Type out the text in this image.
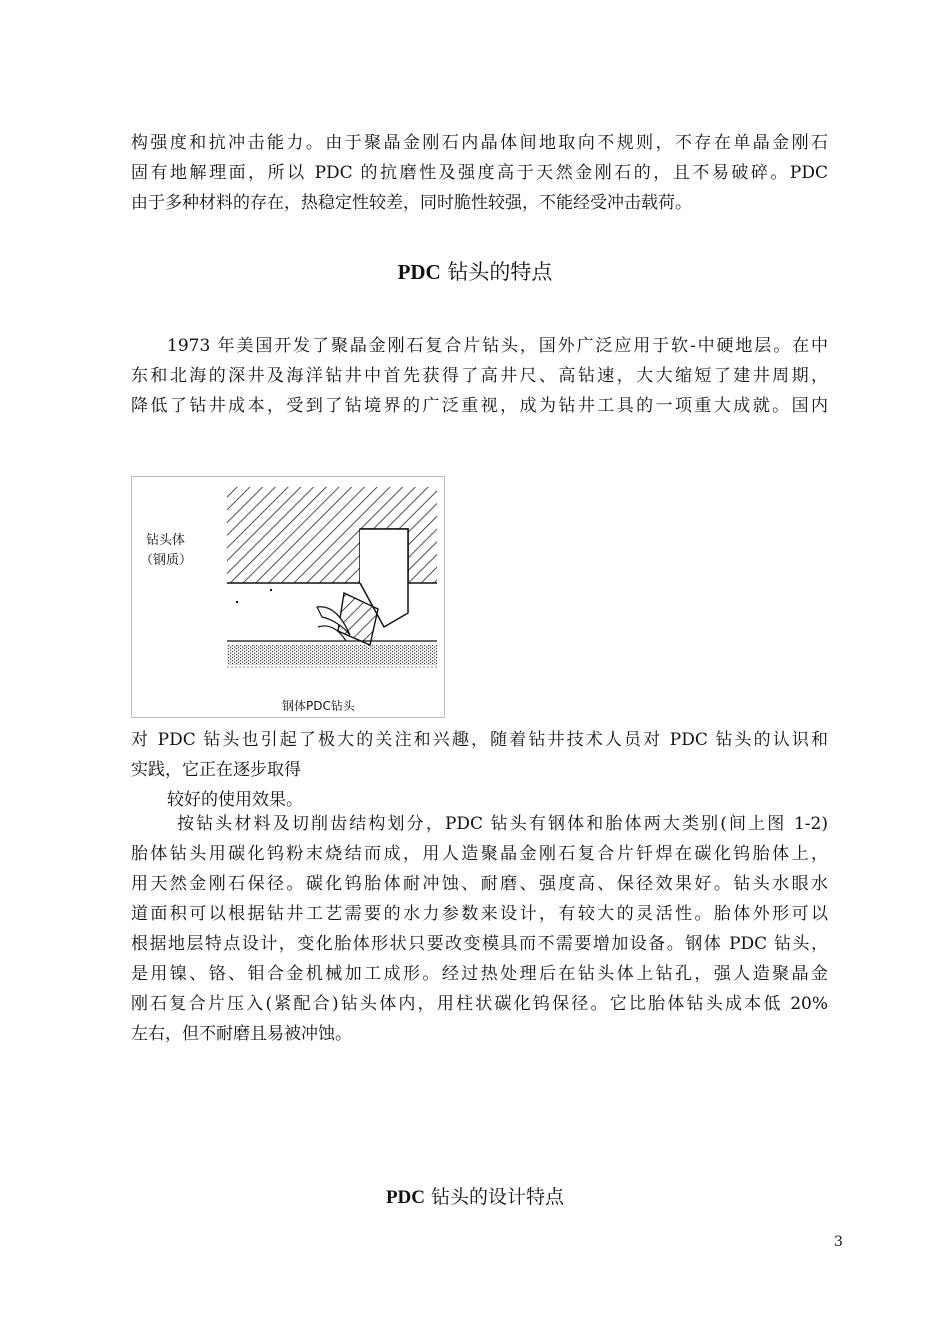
构强度和抗冲击能力。由于聚晶金刚石内晶体间地取向不规则，不存在单晶金刚石
固有地解理面，所以 PDC 的抗磨性及强度高于天然金刚石的，且不易破碎。PDC
由于多种材料的存在，热稳定性较差，同时脆性较强，不能经受冲击载荷。
PDC 钻头的特点
1973 年美国开发了聚晶金刚石复合片钻头，国外广泛应用于软-中硬地层。在中
东和北海的深井及海洋钻井中首先获得了高井尺、高钻速，大大缩短了建井周期，
降低了钻井成本，受到了钻境界的广泛重视，成为钻井工具的一项重大成就。国内

钻头体

（钢质）

钢体PDC钻头

对 PDC 钻头也引起了极大的关注和兴趣，随着钻井技术人员对 PDC 钻头的认识和
实践，它正在逐步取得
较好的使用效果。
按钻头材料及切削齿结构划分，PDC 钻头有钢体和胎体两大类别(间上图 1-2)
胎体钻头用碳化钨粉末烧结而成，用人造聚晶金刚石复合片钎焊在碳化钨胎体上，
用天然金刚石保径。碳化钨胎体耐冲蚀、耐磨、强度高、保径效果好。钻头水眼水
道面积可以根据钻井工艺需要的水力参数来设计，有较大的灵活性。胎体外形可以
根据地层特点设计，变化胎体形状只要改变模具而不需要增加设备。钢体 PDC 钻头，
是用镍、铬、钼合金机械加工成形。经过热处理后在钻头体上钻孔，强人造聚晶金
刚石复合片压入(紧配合)钻头体内，用柱状碳化钨保径。它比胎体钻头成本低 20%
左右，但不耐磨且易被冲蚀。
PDC 钻头的设计特点
3
